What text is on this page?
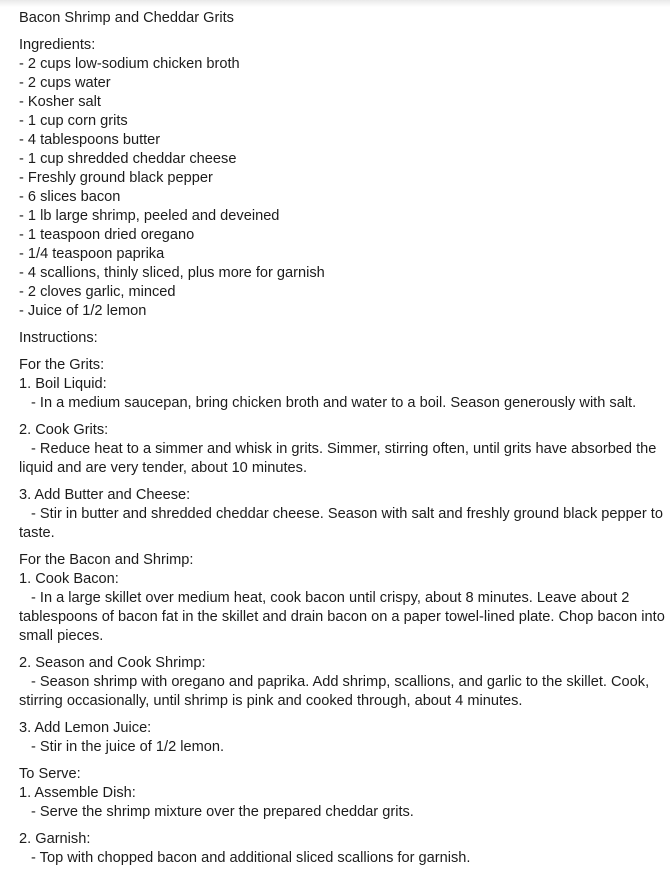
Bacon Shrimp and Cheddar Grits
Ingredients:
- 2 cups low-sodium chicken broth
- 2 cups water
- Kosher salt
- 1 cup corn grits
- 4 tablespoons butter
- 1 cup shredded cheddar cheese
- Freshly ground black pepper
- 6 slices bacon
- 1 lb large shrimp, peeled and deveined
- 1 teaspoon dried oregano
- 1/4 teaspoon paprika
- 4 scallions, thinly sliced, plus more for garnish
- 2 cloves garlic, minced
- Juice of 1/2 lemon
Instructions:
For the Grits:
1. Boil Liquid:
- In a medium saucepan, bring chicken broth and water to a boil. Season generously with salt.
2. Cook Grits:
- Reduce heat to a simmer and whisk in grits. Simmer, stirring often, until grits have absorbed the liquid and are very tender, about 10 minutes.
3. Add Butter and Cheese:
- Stir in butter and shredded cheddar cheese. Season with salt and freshly ground black pepper to taste.
For the Bacon and Shrimp:
1. Cook Bacon:
- In a large skillet over medium heat, cook bacon until crispy, about 8 minutes. Leave about 2 tablespoons of bacon fat in the skillet and drain bacon on a paper towel-lined plate. Chop bacon into small pieces.
2. Season and Cook Shrimp:
- Season shrimp with oregano and paprika. Add shrimp, scallions, and garlic to the skillet. Cook, stirring occasionally, until shrimp is pink and cooked through, about 4 minutes.
3. Add Lemon Juice:
- Stir in the juice of 1/2 lemon.
To Serve:
1. Assemble Dish:
- Serve the shrimp mixture over the prepared cheddar grits.
2. Garnish:
- Top with chopped bacon and additional sliced scallions for garnish.
